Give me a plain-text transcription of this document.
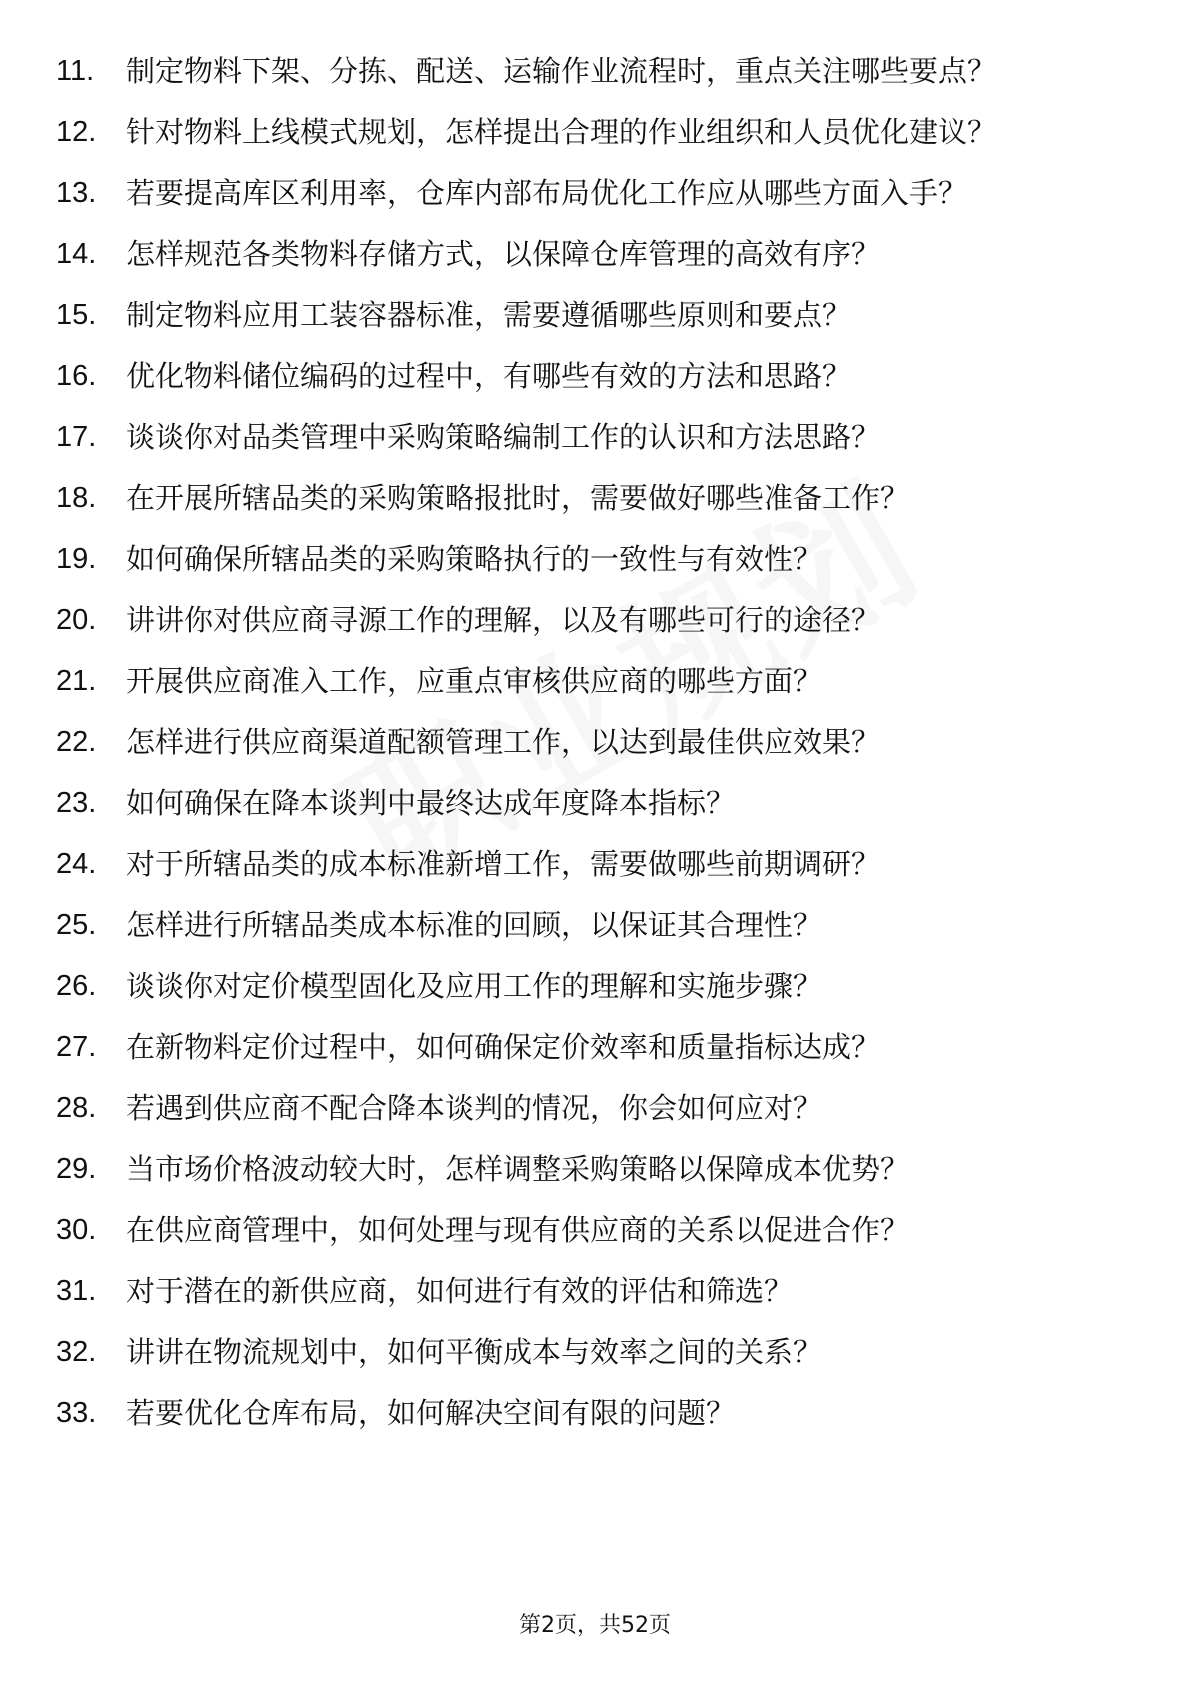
11.	制定物料下架、分拣、配送、运输作业流程时，重点关注哪些要点？
12.	针对物料上线模式规划，怎样提出合理的作业组织和人员优化建议？
13.	若要提高库区利用率，仓库内部布局优化工作应从哪些方面入手？
14.	怎样规范各类物料存储方式，以保障仓库管理的高效有序？
15.	制定物料应用工装容器标准，需要遵循哪些原则和要点？
16.	优化物料储位编码的过程中，有哪些有效的方法和思路？
17.	谈谈你对品类管理中采购策略编制工作的认识和方法思路？
18.	在开展所辖品类的采购策略报批时，需要做好哪些准备工作？
19.	如何确保所辖品类的采购策略执行的一致性与有效性？
20.	讲讲你对供应商寻源工作的理解，以及有哪些可行的途径？
21.	开展供应商准入工作，应重点审核供应商的哪些方面？
22.	怎样进行供应商渠道配额管理工作，以达到最佳供应效果？
23.	如何确保在降本谈判中最终达成年度降本指标？
24.	对于所辖品类的成本标准新增工作，需要做哪些前期调研？
25.	怎样进行所辖品类成本标准的回顾，以保证其合理性？
26.	谈谈你对定价模型固化及应用工作的理解和实施步骤？
27.	在新物料定价过程中，如何确保定价效率和质量指标达成？
28.	若遇到供应商不配合降本谈判的情况，你会如何应对？
29.	当市场价格波动较大时，怎样调整采购策略以保障成本优势？
30.	在供应商管理中，如何处理与现有供应商的关系以促进合作？
31.	对于潜在的新供应商，如何进行有效的评估和筛选？
32.	讲讲在物流规划中，如何平衡成本与效率之间的关系？
33.	若要优化仓库布局，如何解决空间有限的问题？
第2页，共52页
